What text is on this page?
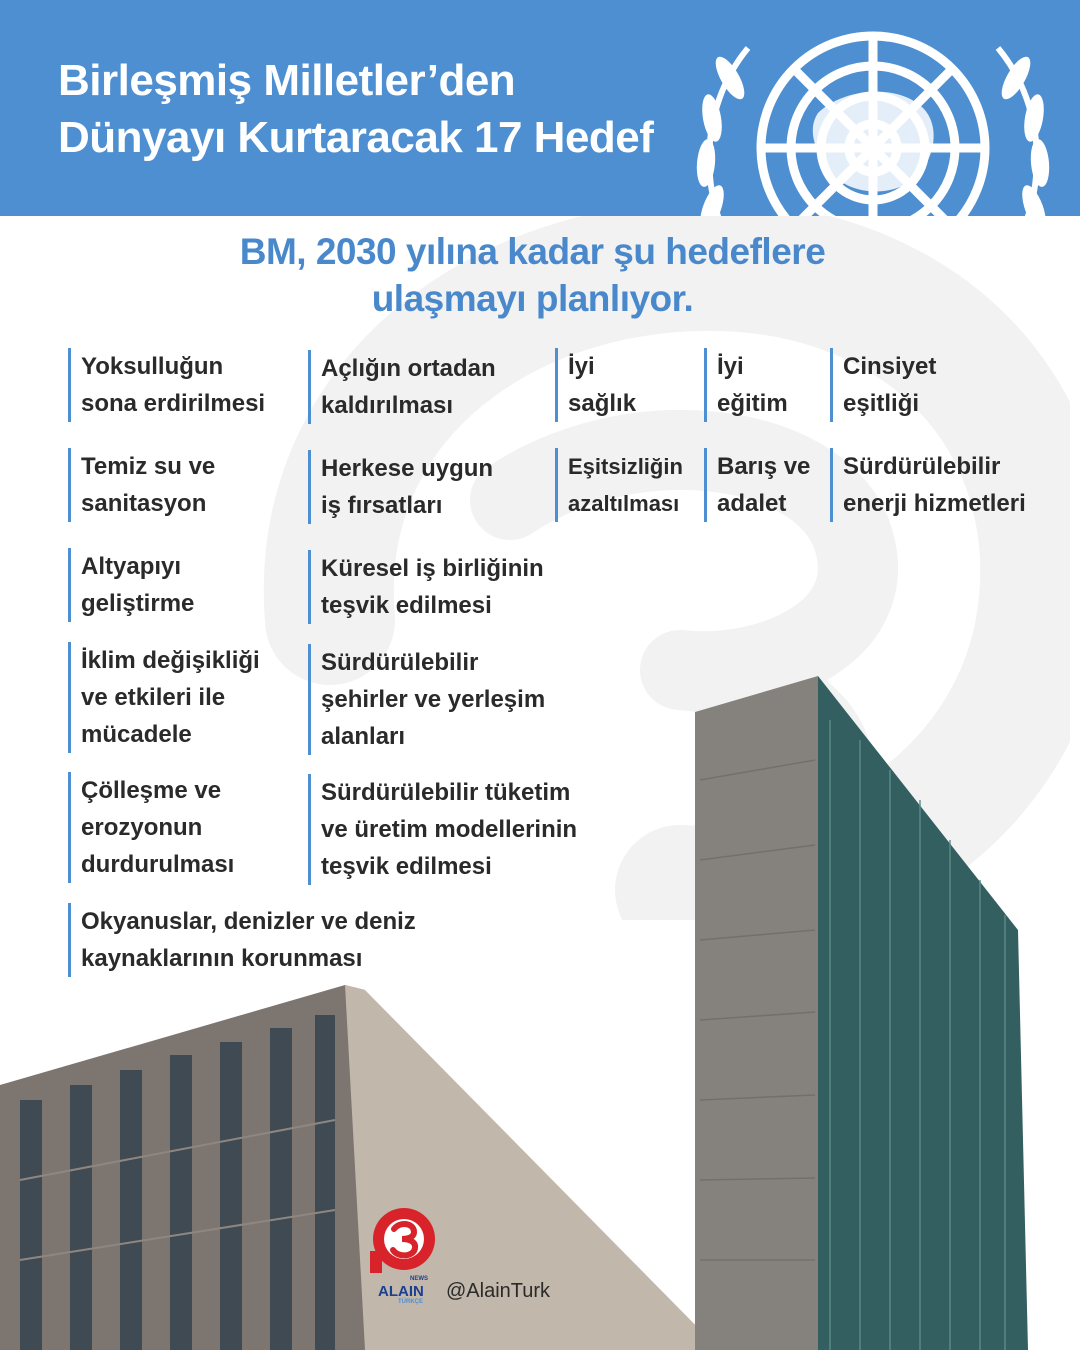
Birleşmiş Milletler’den
Dünyayı Kurtaracak 17 Hedef
BM, 2030 yılına kadar şu hedeflere
ulaşmayı planlıyor.
Yoksulluğun
sona erdirilmesi
Açlığın ortadan
kaldırılması
İyi
sağlık
İyi
eğitim
Cinsiyet
eşitliği
Temiz su ve
sanitasyon
Herkese uygun
iş fırsatları
Eşitsizliğin
azaltılması
Barış ve
adalet
Sürdürülebilir
enerji hizmetleri
Altyapıyı
geliştirme
Küresel iş birliğinin
teşvik edilmesi
İklim değişikliği
ve etkileri ile
mücadele
Sürdürülebilir
şehirler ve yerleşim
alanları
Çölleşme ve
erozyonun
durdurulması
Sürdürülebilir tüketim
ve üretim modellerinin
teşvik edilmesi
Okyanuslar, denizler ve deniz
kaynaklarının korunması
NEWS
ALAIN
TÜRKÇE @AlainTurk
